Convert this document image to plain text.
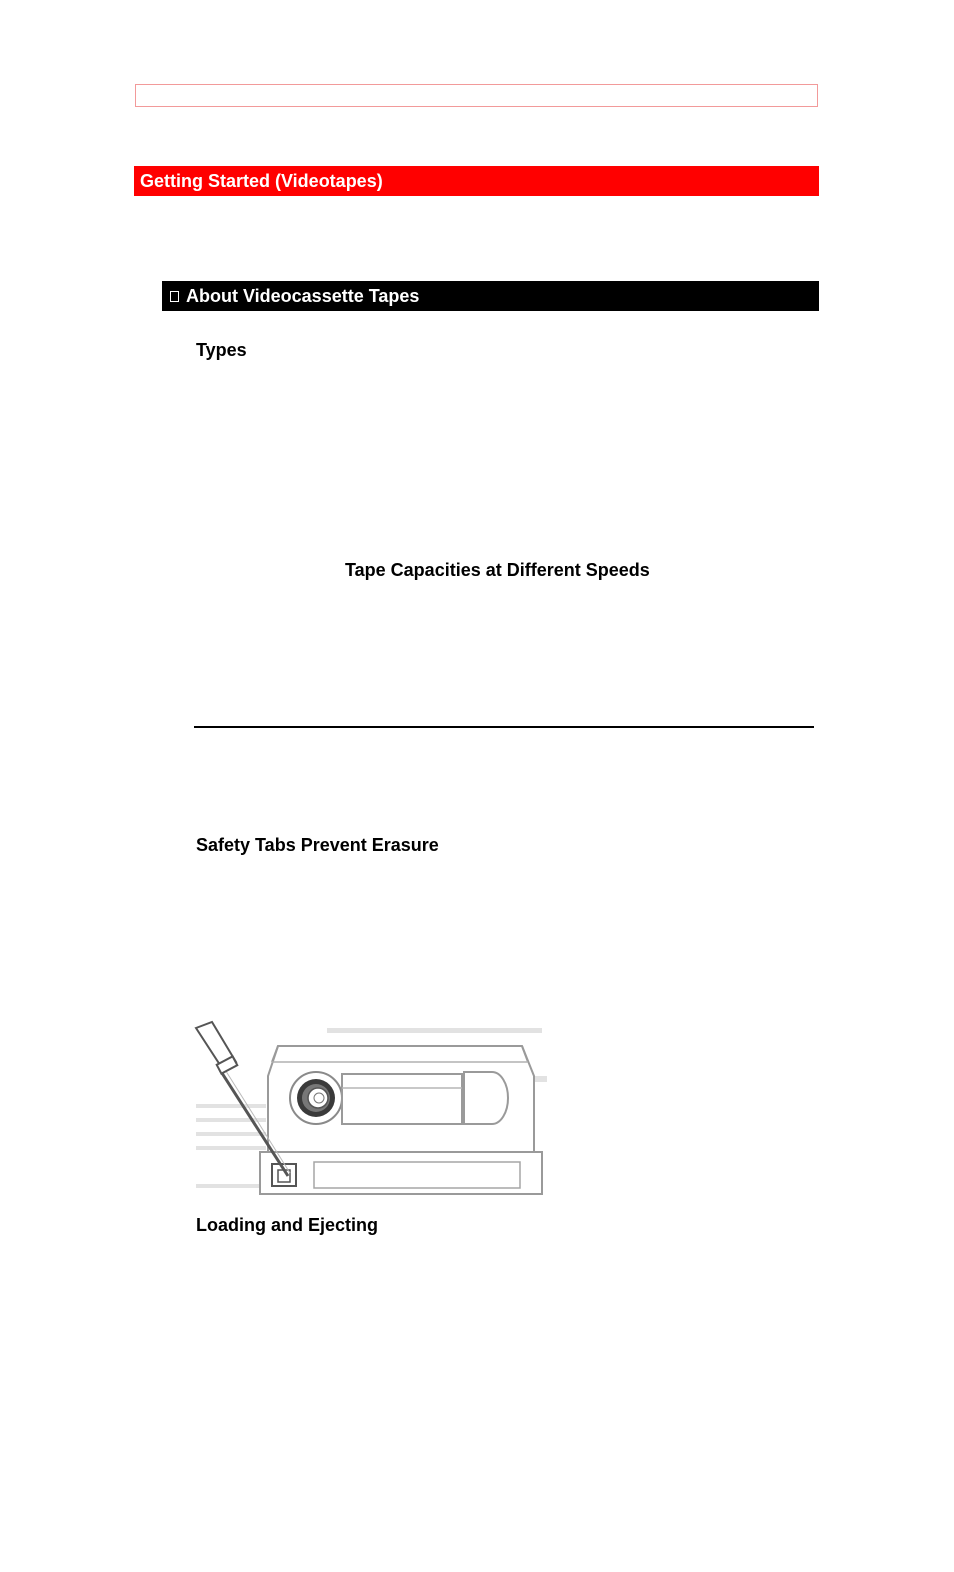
Getting Started (Videotapes)
About Videocassette Tapes
Types
Tape Capacities at Different Speeds
Safety Tabs Prevent Erasure
Loading and Ejecting
